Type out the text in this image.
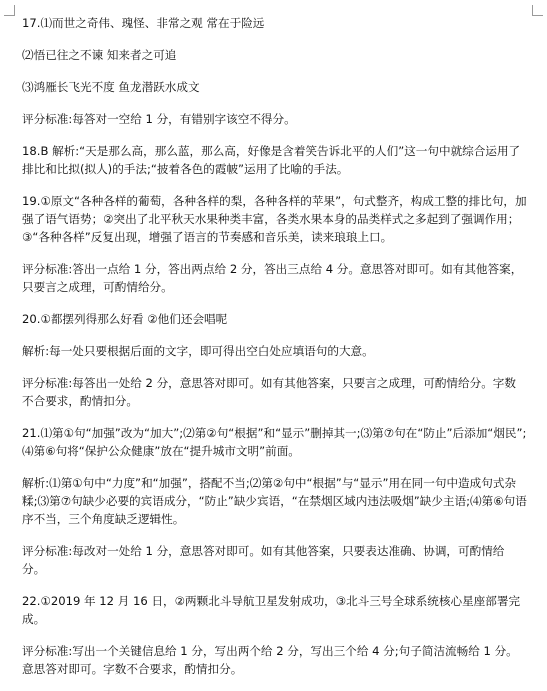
17.⑴而世之奇伟、瑰怪、非常之观 常在于险远

⑵悟已往之不谏 知来者之可追

⑶鸿雁长飞光不度 鱼龙潜跃水成文

评分标准:每答对一空给 1 分，有错别字该空不得分。

18.B 解析:“天是那么高，那么蓝，那么高，好像是含着笑告诉北平的人们”这一句中就综合运用了排比和比拟(拟人)的手法;“披着各色的霞帔”运用了比喻的手法。

19.①原文“各种各样的葡萄，各种各样的梨，各种各样的苹果”，句式整齐，构成工整的排比句，加强了语气语势；②突出了北平秋天水果种类丰富，各类水果本身的品类样式之多起到了强调作用；③“各种各样”反复出现，增强了语言的节奏感和音乐美，读来琅琅上口。

评分标准:答出一点给 1 分，答出两点给 2 分，答出三点给 4 分。意思答对即可。如有其他答案，只要言之成理，可酌情给分。

20.①都摆列得那么好看 ②他们还会唱呢

解析:每一处只要根据后面的文字，即可得出空白处应填语句的大意。

评分标准:每答出一处给 2 分，意思答对即可。如有其他答案，只要言之成理，可酌情给分。字数不合要求，酌情扣分。

21.⑴第①句“加强”改为“加大”;⑵第②句“根据”和“显示”删掉其一;⑶第⑦句在“防止”后添加“烟民”;⑷第⑥句将“保护公众健康”放在“提升城市文明”前面。

解析:⑴第①句中“力度”和“加强”，搭配不当;⑵第②句中“根据”与“显示”用在同一句中造成句式杂糅;⑶第⑦句缺少必要的宾语成分，“防止”缺少宾语，“在禁烟区域内违法吸烟”缺少主语;⑷第⑥句语序不当，三个角度缺乏逻辑性。

评分标准:每改对一处给 1 分，意思答对即可。如有其他答案，只要表达准确、协调，可酌情给分。

22.①2019 年 12 月 16 日，②两颗北斗导航卫星发射成功，③北斗三号全球系统核心星座部署完成。

评分标准:写出一个关键信息给 1 分，写出两个给 2 分，写出三个给 4 分;句子简洁流畅给 1 分。意思答对即可。字数不合要求，酌情扣分。
